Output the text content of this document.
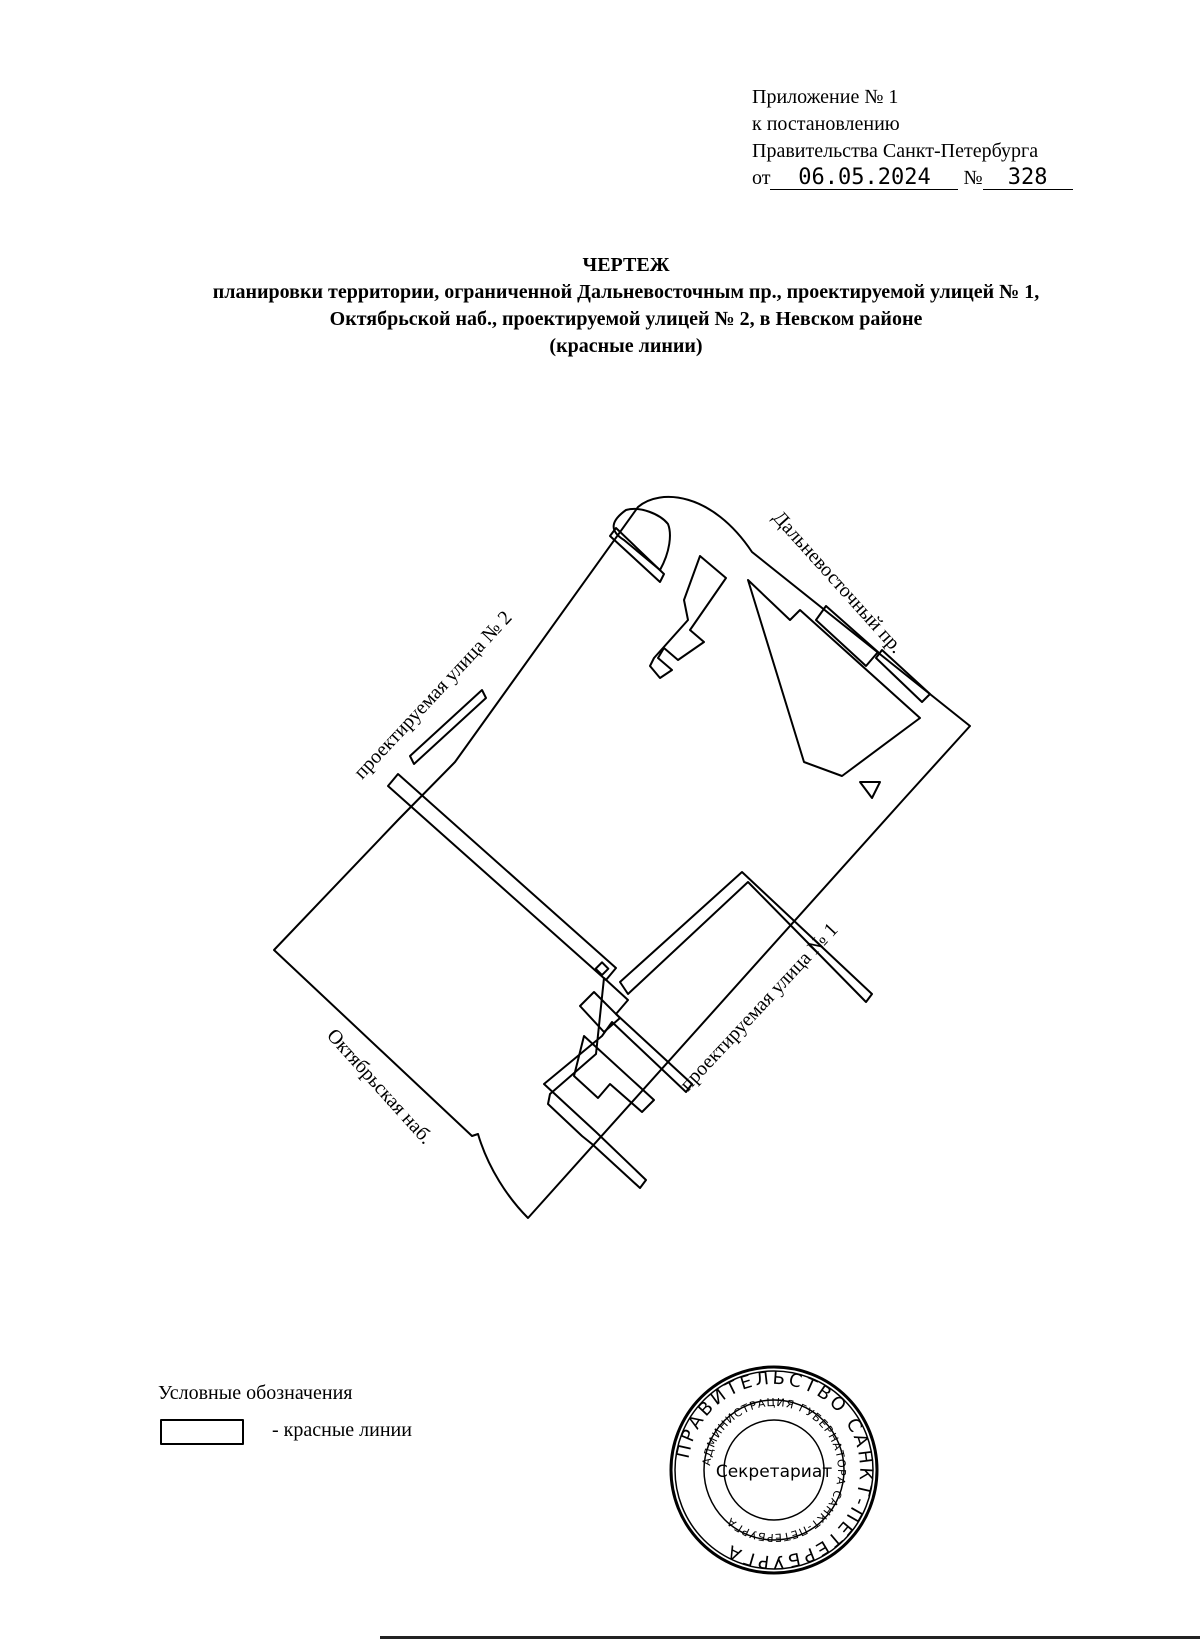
Приложение № 1
к постановлению
Правительства Санкт-Петербурга
от 06.05.2024 № 328
ЧЕРТЕЖ
планировки территории, ограниченной Дальневосточным пр., проектируемой улицей № 1,
Октябрьской наб., проектируемой улицей № 2, в Невском районе
(красные линии)
проектируемая улица № 2
Дальневосточный пр.
проектируемая улица № 1
Октябрьская наб.
Условные обозначения
- красные линии
ПРАВИТЕЛЬСТВО САНКТ-ПЕТЕРБУРГА
АДМИНИСТРАЦИЯ ГУБЕРНАТОРА САНКТ-ПЕТЕРБУРГА
Секретариат
